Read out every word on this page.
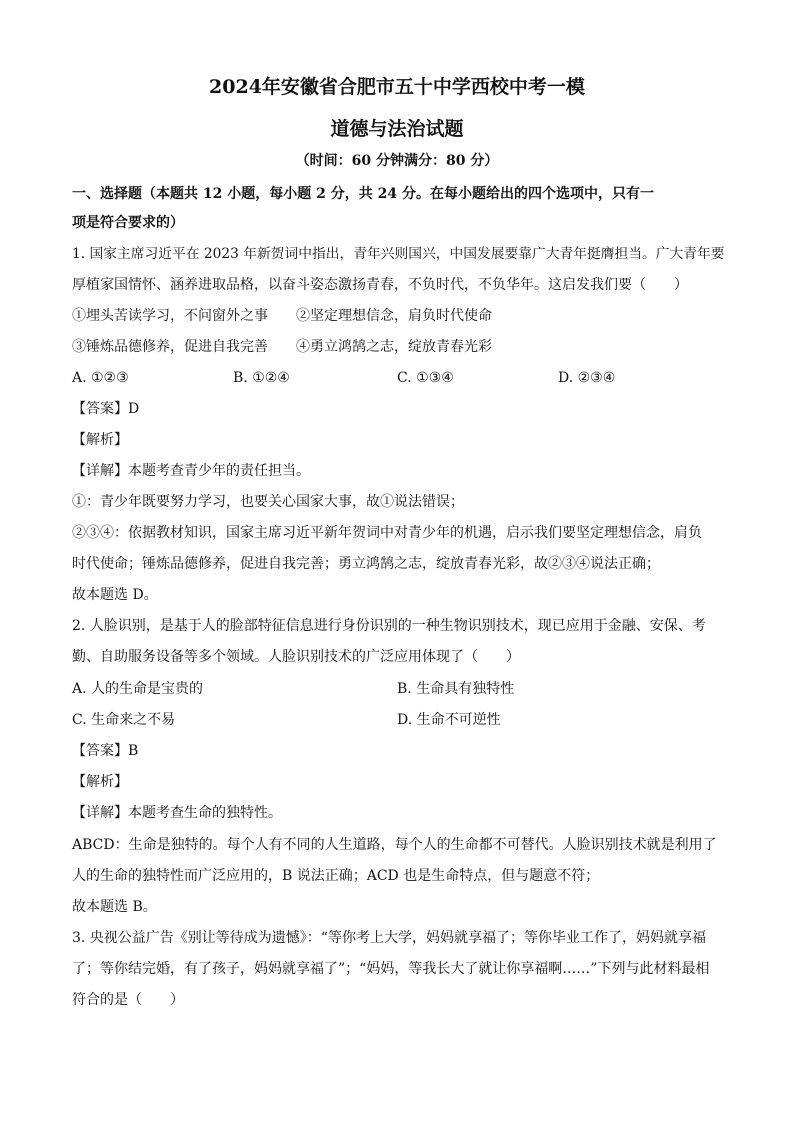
2024年安徽省合肥市五十中学西校中考一模
道德与法治试题
（时间：60 分钟满分：80 分）
一、选择题（本题共 12 小题，每小题 2 分，共 24 分。在每小题给出的四个选项中，只有一
项是符合要求的）
1. 国家主席习近平在 2023 年新贺词中指出，青年兴则国兴，中国发展要靠广大青年挺膺担当。广大青年要
厚植家国情怀、涵养进取品格，以奋斗姿态激扬青春，不负时代，不负华年。这启发我们要（　　）
①埋头苦读学习，不问窗外之事　　②坚定理想信念，肩负时代使命
③锤炼品德修养，促进自我完善　　④勇立鸿鹄之志，绽放青春光彩
A. ①②③	B. ①②④	C. ①③④	D. ②③④
【答案】D
【解析】
【详解】本题考查青少年的责任担当。
①：青少年既要努力学习，也要关心国家大事，故①说法错误；
②③④：依据教材知识，国家主席习近平新年贺词中对青少年的机遇，启示我们要坚定理想信念，肩负
时代使命；锤炼品德修养，促进自我完善；勇立鸿鹄之志，绽放青春光彩，故②③④说法正确；
故本题选 D。
2. 人脸识别，是基于人的脸部特征信息进行身份识别的一种生物识别技术，现已应用于金融、安保、考
勤、自助服务设备等多个领域。人脸识别技术的广泛应用体现了（　　）
A. 人的生命是宝贵的	B. 生命具有独特性
C. 生命来之不易	D. 生命不可逆性
【答案】B
【解析】
【详解】本题考查生命的独特性。
ABCD：生命是独特的。每个人有不同的人生道路，每个人的生命都不可替代。人脸识别技术就是利用了
人的生命的独特性而广泛应用的，B 说法正确；ACD 也是生命特点，但与题意不符；
故本题选 B。
3. 央视公益广告《别让等待成为遗憾》：“等你考上大学，妈妈就享福了；等你毕业工作了，妈妈就享福
了；等你结完婚，有了孩子，妈妈就享福了”；“妈妈，等我长大了就让你享福啊……”下列与此材料最相
符合的是（　　）
